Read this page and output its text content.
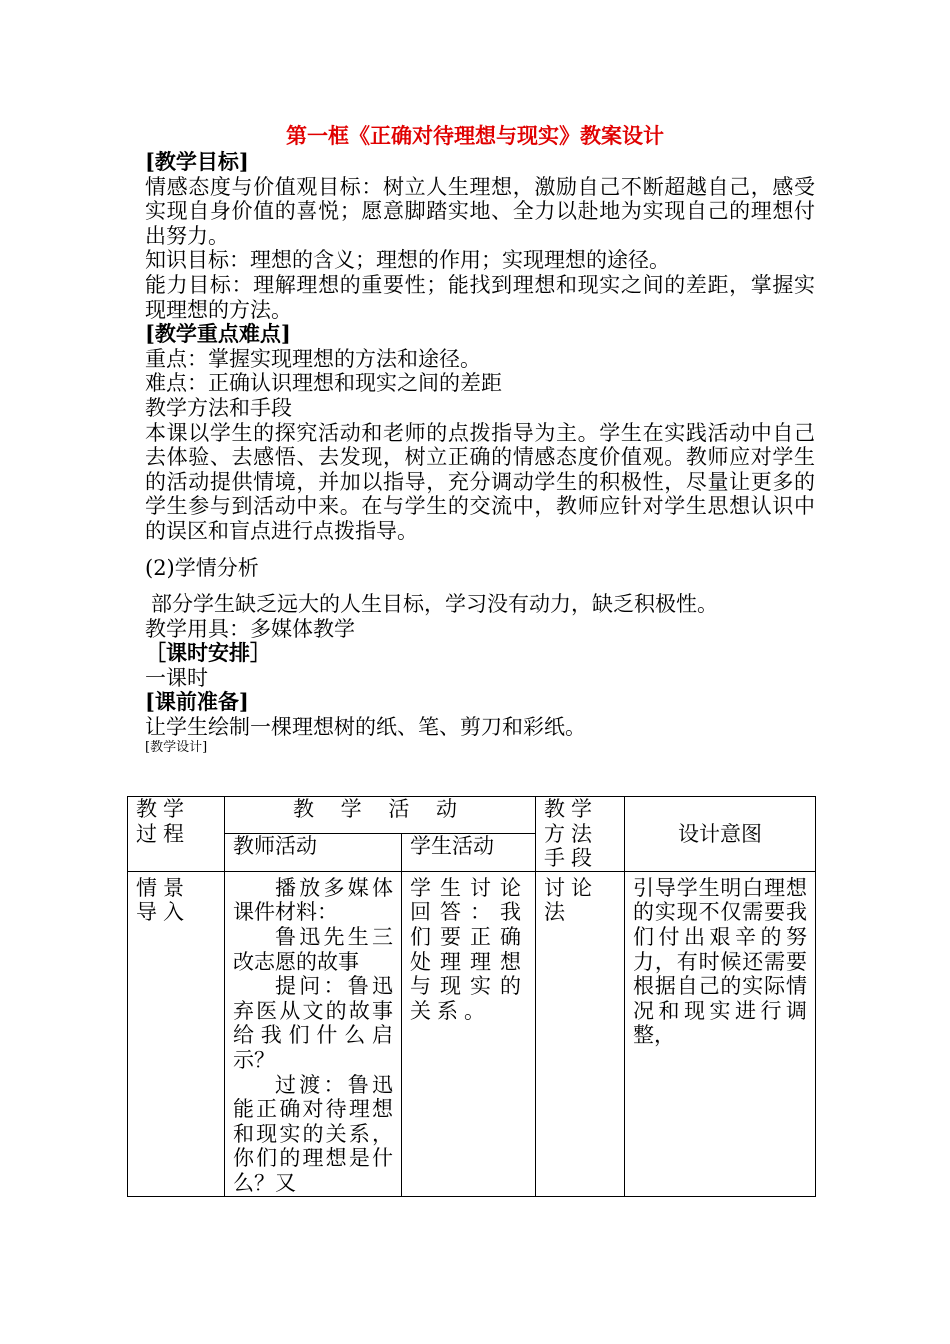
第一框《正确对待理想与现实》教案设计

[教学目标]

情感态度与价值观目标：树立人生理想，激励自己不断超越自己，感受实现自身价值的喜悦；愿意脚踏实地、全力以赴地为实现自己的理想付出努力。

知识目标：理想的含义；理想的作用；实现理想的途径。

能力目标：理解理想的重要性；能找到理想和现实之间的差距，掌握实现理想的方法。

[教学重点难点]

重点：掌握实现理想的方法和途径。

难点：正确认识理想和现实之间的差距

教学方法和手段

本课以学生的探究活动和老师的点拨指导为主。学生在实践活动中自己去体验、去感悟、去发现，树立正确的情感态度价值观。教师应对学生的活动提供情境，并加以指导，充分调动学生的积极性，尽量让更多的学生参与到活动中来。在与学生的交流中，教师应针对学生思想认识中的误区和盲点进行点拨指导。

(2)学情分析

部分学生缺乏远大的人生目标，学习没有动力，缺乏积极性。

教学用具：多媒体教学

［课时安排］

一课时

[课前准备]

让学生绘制一棵理想树的纸、笔、剪刀和彩纸。

[教学设计]

教学过程	教 学 活 动		教学方法手段	设计意图
	教师活动	学生活动		
情景导入	播放多媒体课件材料：
鲁迅先生三改志愿的故事
提问：鲁迅弃医从文的故事给我们什么启示？
过渡：鲁迅能正确对待理想和现实的关系，你们的理想是什么？又	学生讨论回答：我们要正确处理理想与现实的关系。	讨论法	引导学生明白理想的实现不仅需要我们付出艰辛的努力，有时候还需要根据自己的实际情况和现实进行调整，
